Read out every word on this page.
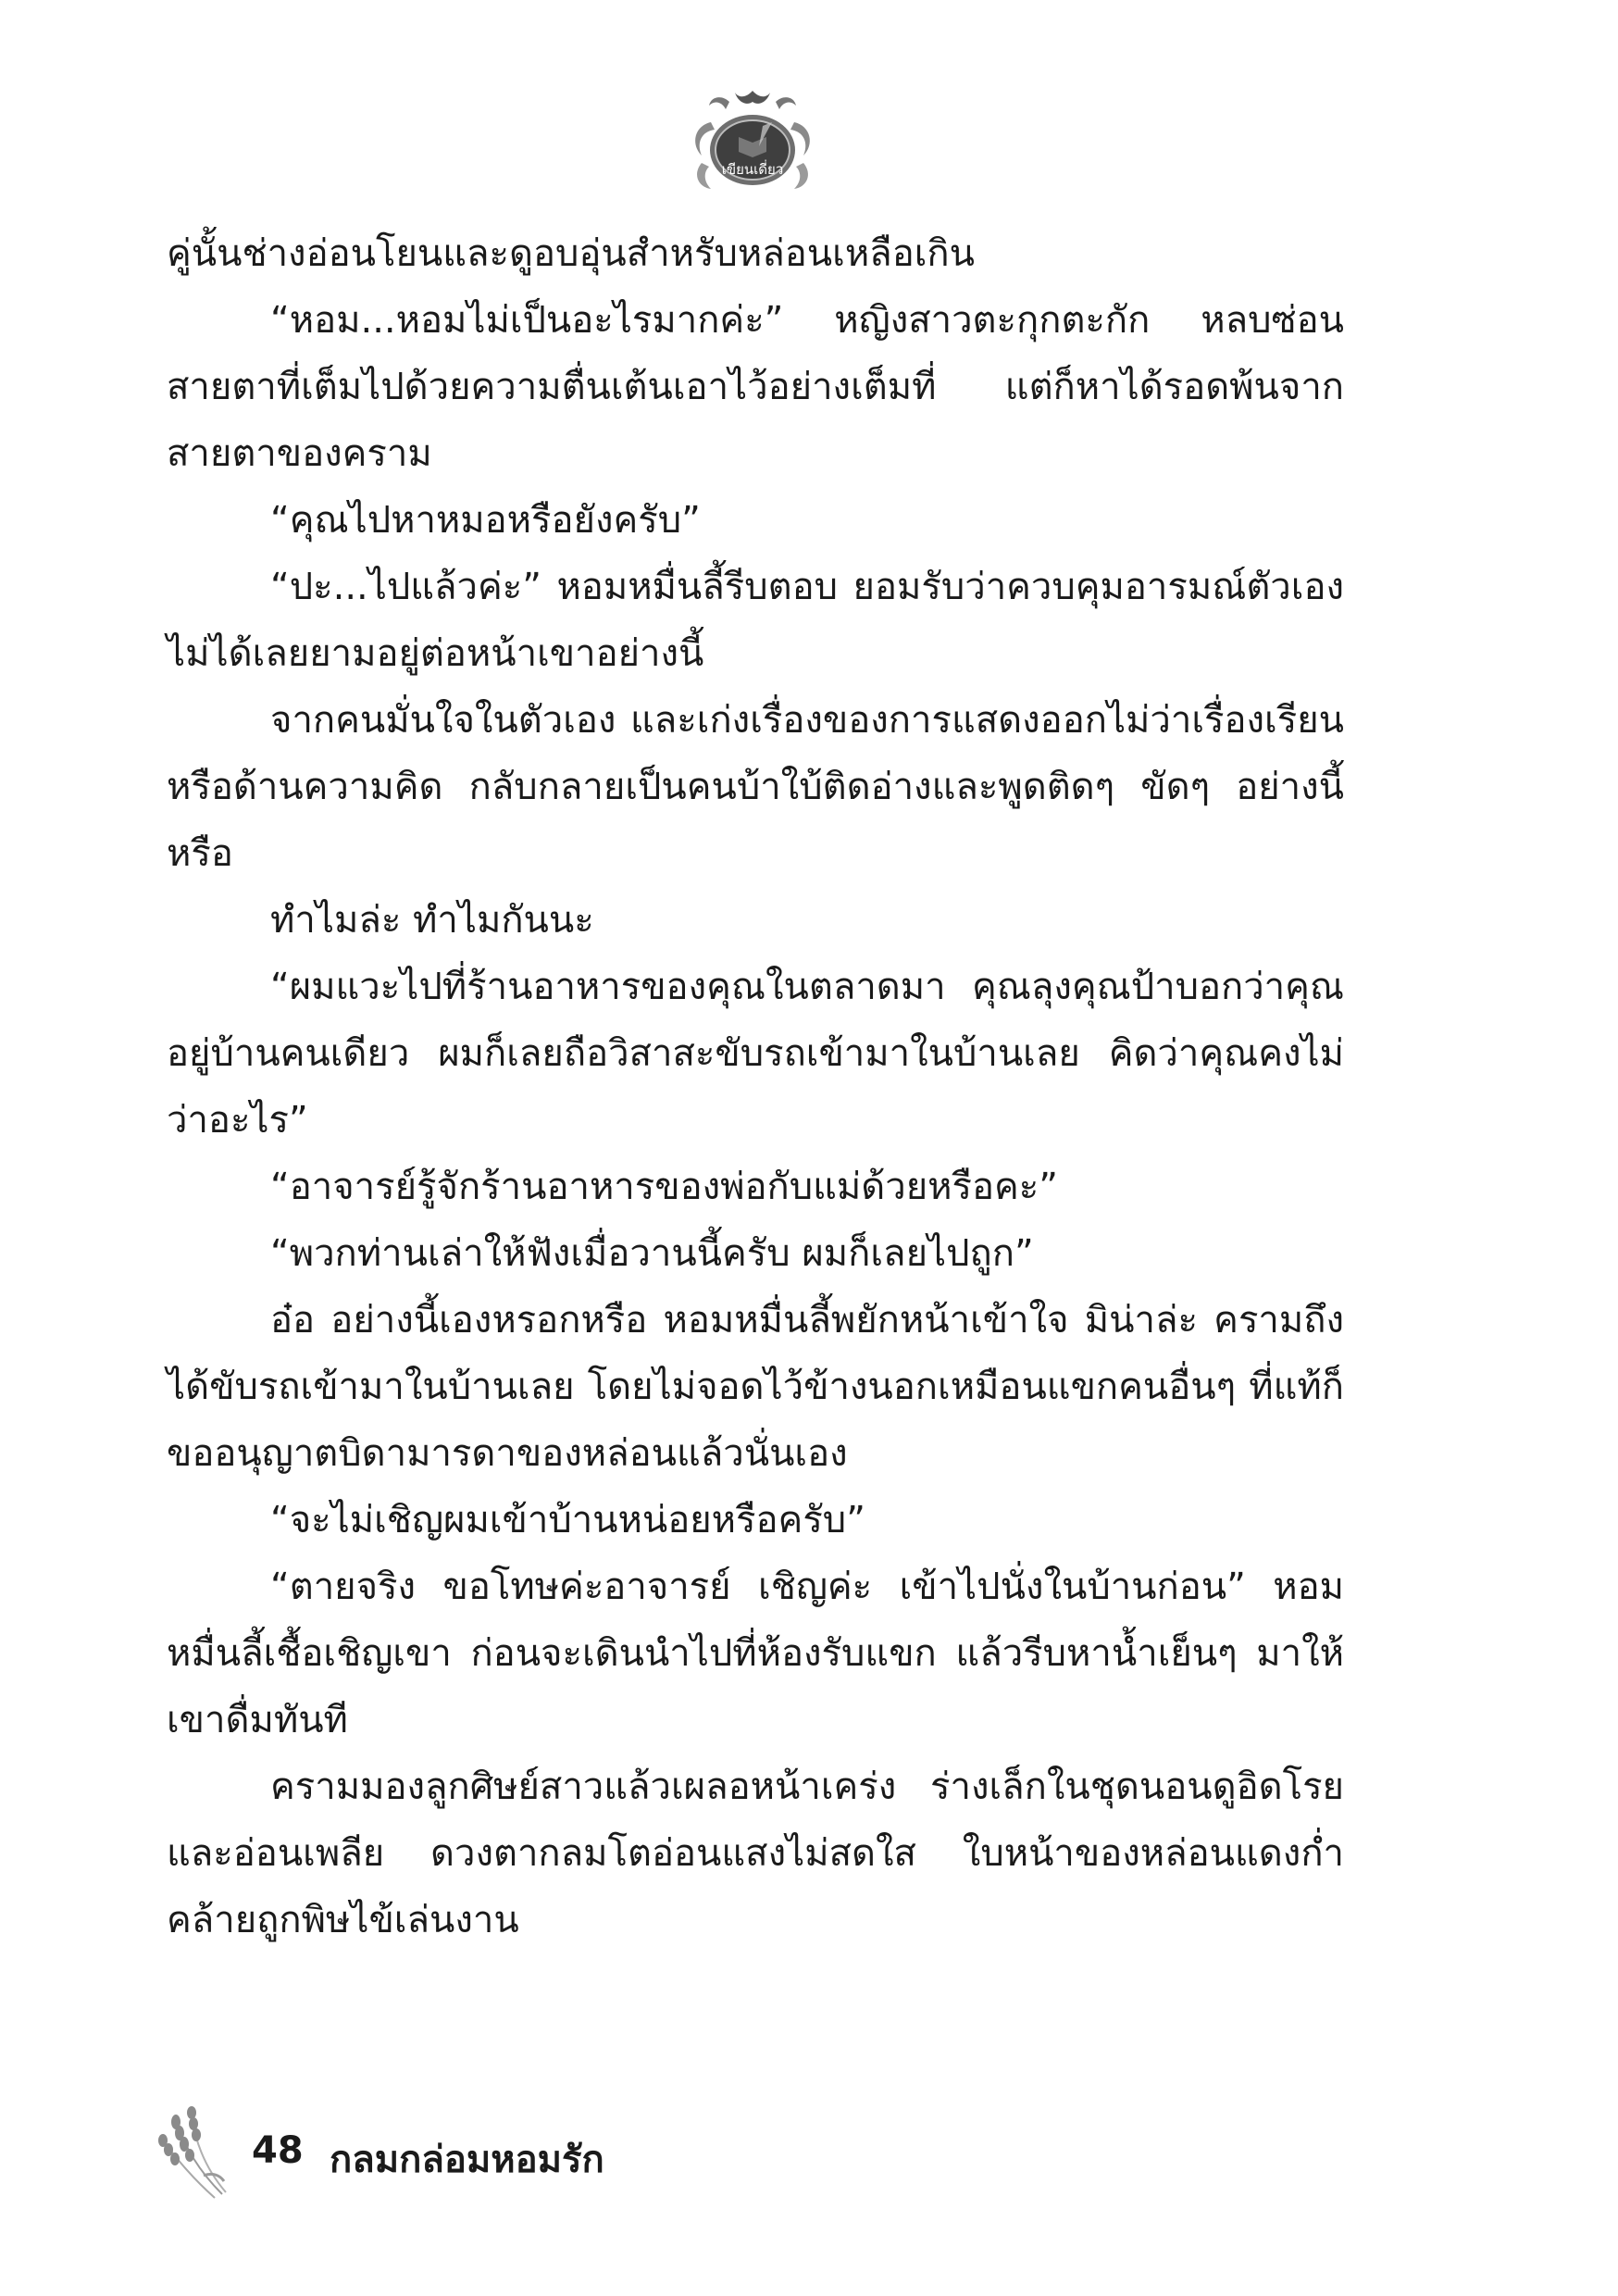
เขียนเดี่ยว

คู่นั้นช่างอ่อนโยนและดูอบอุ่นสำหรับหล่อนเหลือเกิน

“หอม...หอมไม่เป็นอะไรมากค่ะ” หญิงสาวตะกุกตะกัก หลบซ่อนสายตาที่เต็มไปด้วยความตื่นเต้นเอาไว้อย่างเต็มที่ แต่ก็หาได้รอดพ้นจากสายตาของคราม

“คุณไปหาหมอหรือยังครับ”

“ปะ...ไปแล้วค่ะ” หอมหมื่นลี้รีบตอบ ยอมรับว่าควบคุมอารมณ์ตัวเองไม่ได้เลยยามอยู่ต่อหน้าเขาอย่างนี้

จากคนมั่นใจในตัวเอง และเก่งเรื่องของการแสดงออกไม่ว่าเรื่องเรียนหรือด้านความคิด กลับกลายเป็นคนบ้าใบ้ติดอ่างและพูดติดๆ ขัดๆ อย่างนี้หรือ

ทำไมล่ะ ทำไมกันนะ

“ผมแวะไปที่ร้านอาหารของคุณในตลาดมา คุณลุงคุณป้าบอกว่าคุณอยู่บ้านคนเดียว ผมก็เลยถือวิสาสะขับรถเข้ามาในบ้านเลย คิดว่าคุณคงไม่ว่าอะไร”

“อาจารย์รู้จักร้านอาหารของพ่อกับแม่ด้วยหรือคะ”

“พวกท่านเล่าให้ฟังเมื่อวานนี้ครับ ผมก็เลยไปถูก”

อ๋อ อย่างนี้เองหรอกหรือ หอมหมื่นลี้พยักหน้าเข้าใจ มิน่าล่ะ ครามถึงได้ขับรถเข้ามาในบ้านเลย โดยไม่จอดไว้ข้างนอกเหมือนแขกคนอื่นๆ ที่แท้ก็ขออนุญาตบิดามารดาของหล่อนแล้วนั่นเอง

“จะไม่เชิญผมเข้าบ้านหน่อยหรือครับ”

“ตายจริง ขอโทษค่ะอาจารย์ เชิญค่ะ เข้าไปนั่งในบ้านก่อน” หอมหมื่นลี้เชื้อเชิญเขา ก่อนจะเดินนำไปที่ห้องรับแขก แล้วรีบหาน้ำเย็นๆ มาให้เขาดื่มทันที

ครามมองลูกศิษย์สาวแล้วเผลอหน้าเคร่ง ร่างเล็กในชุดนอนดูอิดโรยและอ่อนเพลีย ดวงตากลมโตอ่อนแสงไม่สดใส ใบหน้าของหล่อนแดงก่ำคล้ายถูกพิษไข้เล่นงาน

48 กลมกล่อมหอมรัก
